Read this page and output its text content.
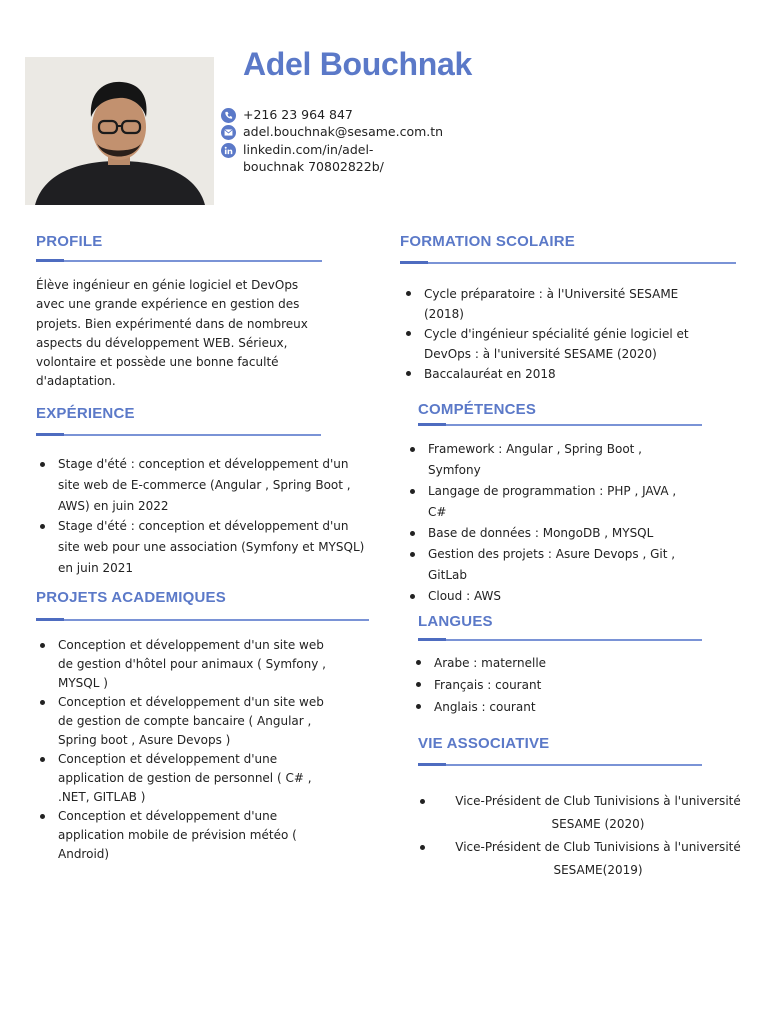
Adel Bouchnak
+216 23 964 847
adel.bouchnak@sesame.com.tn
linkedin.com/in/adel-
bouchnak 70802822b/
PROFILE
Élève ingénieur en génie logiciel et DevOps
avec une grande expérience en gestion des
projets. Bien expérimenté dans de nombreux
aspects du développement WEB. Sérieux,
volontaire et possède une bonne faculté
d'adaptation.
EXPÉRIENCE
Stage d'été : conception et développement d'un
site web de E-commerce (Angular , Spring Boot ,
AWS) en juin 2022
Stage d'été : conception et développement d'un
site web pour une association (Symfony et MYSQL)
en juin 2021
PROJETS ACADEMIQUES
Conception et développement d'un site web
de gestion d'hôtel pour animaux ( Symfony ,
MYSQL )
Conception et développement d'un site web
de gestion de compte bancaire ( Angular ,
Spring boot , Asure Devops )
Conception et développement d'une
application de gestion de personnel ( C# ,
.NET, GITLAB )
Conception et développement d'une
application mobile de prévision météo (
Android)
FORMATION SCOLAIRE
Cycle préparatoire : à l'Université SESAME
(2018)
Cycle d'ingénieur spécialité génie logiciel et
DevOps : à l'université SESAME (2020)
Baccalauréat en 2018
COMPÉTENCES
Framework : Angular , Spring Boot ,
Symfony
Langage de programmation : PHP , JAVA ,
C#
Base de données : MongoDB , MYSQL
Gestion des projets : Asure Devops , Git ,
GitLab
Cloud : AWS
LANGUES
Arabe : maternelle
Français : courant
Anglais : courant
VIE ASSOCIATIVE
Vice-Président de Club Tunivisions à l'université
SESAME (2020)
Vice-Président de Club Tunivisions à l'université
SESAME(2019)
